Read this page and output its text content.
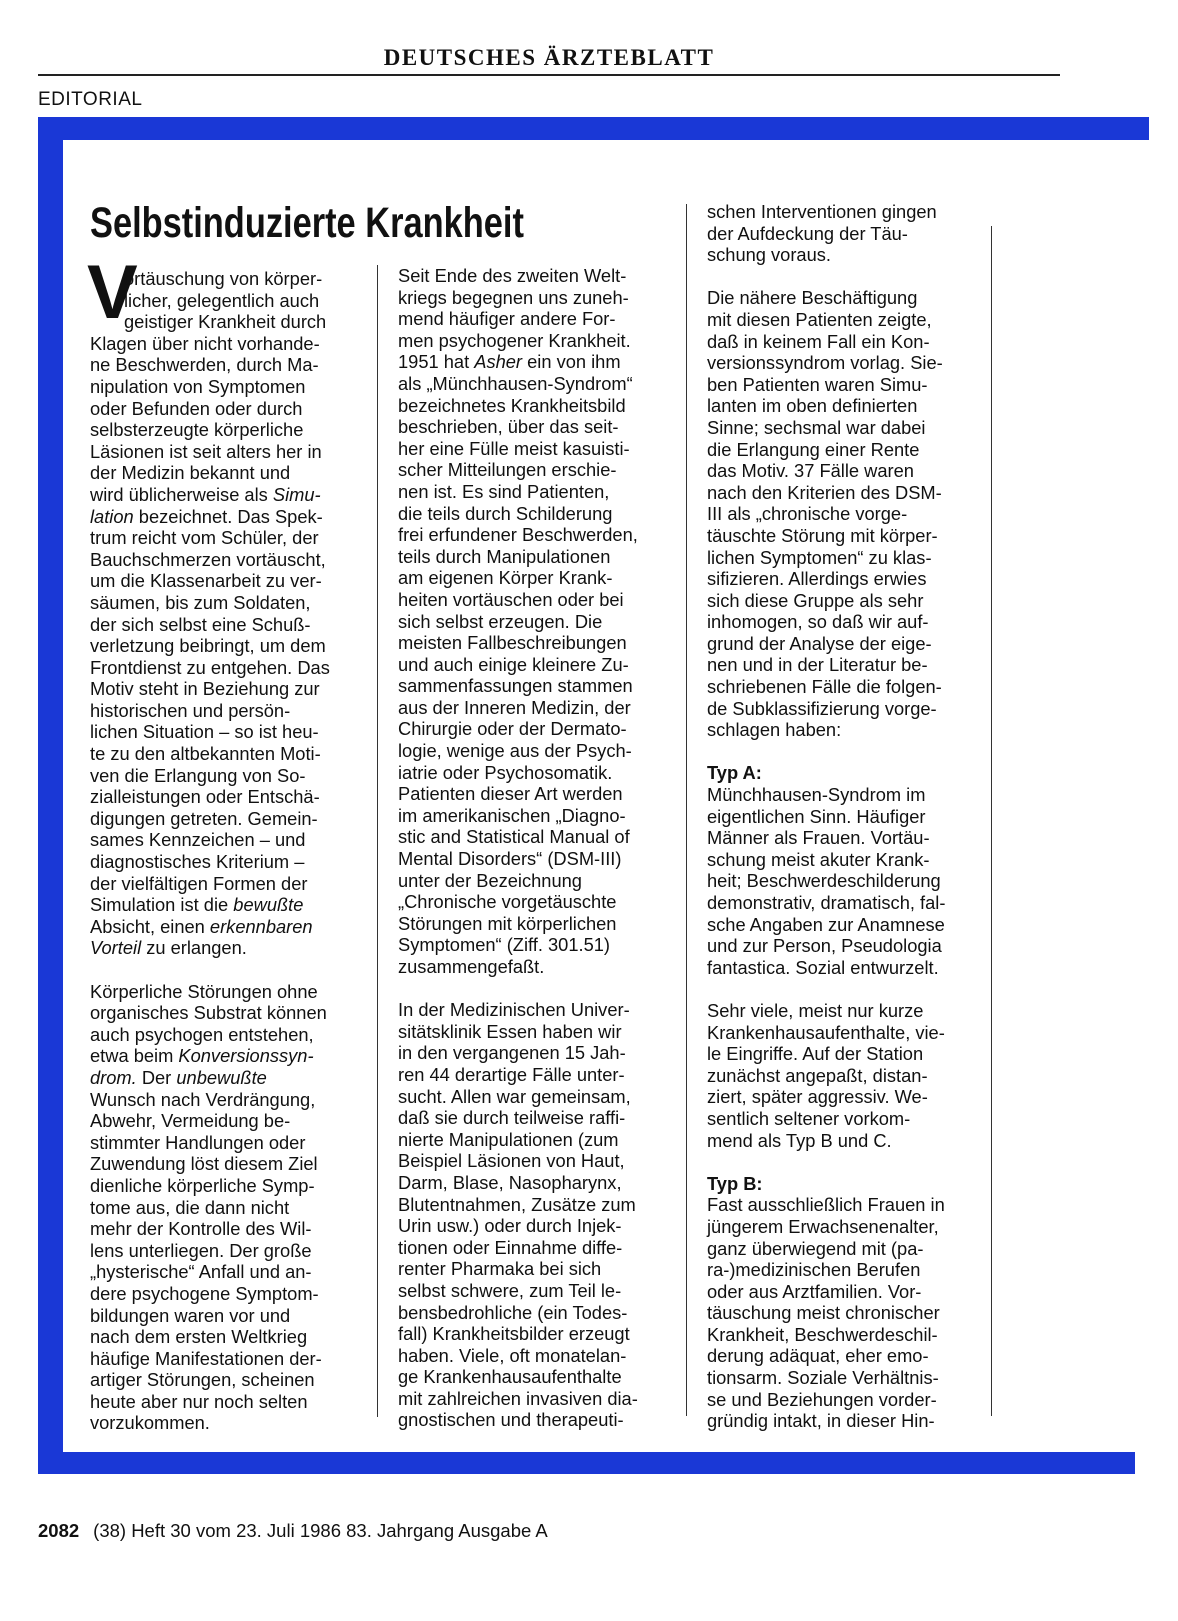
DEUTSCHES ÄRZTEBLATT
EDITORIAL
Selbstinduzierte Krankheit
V
ortäuschung von körper-
licher, gelegentlich auch
geistiger Krankheit durch
Klagen über nicht vorhande-
ne Beschwerden, durch Ma-
nipulation von Symptomen
oder Befunden oder durch
selbsterzeugte körperliche
Läsionen ist seit alters her in
der Medizin bekannt und
wird üblicherweise als Simu-
lation bezeichnet. Das Spek-
trum reicht vom Schüler, der
Bauchschmerzen vortäuscht,
um die Klassenarbeit zu ver-
säumen, bis zum Soldaten,
der sich selbst eine Schuß-
verletzung beibringt, um dem
Frontdienst zu entgehen. Das
Motiv steht in Beziehung zur
historischen und persön-
lichen Situation – so ist heu-
te zu den altbekannten Moti-
ven die Erlangung von So-
zialleistungen oder Entschä-
digungen getreten. Gemein-
sames Kennzeichen – und
diagnostisches Kriterium –
der vielfältigen Formen der
Simulation ist die bewußte
Absicht, einen erkennbaren
Vorteil zu erlangen.
Körperliche Störungen ohne
organisches Substrat können
auch psychogen entstehen,
etwa beim Konversionssyn-
drom. Der unbewußte
Wunsch nach Verdrängung,
Abwehr, Vermeidung be-
stimmter Handlungen oder
Zuwendung löst diesem Ziel
dienliche körperliche Symp-
tome aus, die dann nicht
mehr der Kontrolle des Wil-
lens unterliegen. Der große
„hysterische“ Anfall und an-
dere psychogene Symptom-
bildungen waren vor und
nach dem ersten Weltkrieg
häufige Manifestationen der-
artiger Störungen, scheinen
heute aber nur noch selten
vorzukommen.
Seit Ende des zweiten Welt-
kriegs begegnen uns zuneh-
mend häufiger andere For-
men psychogener Krankheit.
1951 hat Asher ein von ihm
als „Münchhausen-Syndrom“
bezeichnetes Krankheitsbild
beschrieben, über das seit-
her eine Fülle meist kasuisti-
scher Mitteilungen erschie-
nen ist. Es sind Patienten,
die teils durch Schilderung
frei erfundener Beschwerden,
teils durch Manipulationen
am eigenen Körper Krank-
heiten vortäuschen oder bei
sich selbst erzeugen. Die
meisten Fallbeschreibungen
und auch einige kleinere Zu-
sammenfassungen stammen
aus der Inneren Medizin, der
Chirurgie oder der Dermato-
logie, wenige aus der Psych-
iatrie oder Psychosomatik.
Patienten dieser Art werden
im amerikanischen „Diagno-
stic and Statistical Manual of
Mental Disorders“ (DSM-III)
unter der Bezeichnung
„Chronische vorgetäuschte
Störungen mit körperlichen
Symptomen“ (Ziff. 301.51)
zusammengefaßt.
In der Medizinischen Univer-
sitätsklinik Essen haben wir
in den vergangenen 15 Jah-
ren 44 derartige Fälle unter-
sucht. Allen war gemeinsam,
daß sie durch teilweise raffi-
nierte Manipulationen (zum
Beispiel Läsionen von Haut,
Darm, Blase, Nasopharynx,
Blutentnahmen, Zusätze zum
Urin usw.) oder durch Injek-
tionen oder Einnahme diffe-
renter Pharmaka bei sich
selbst schwere, zum Teil le-
bensbedrohliche (ein Todes-
fall) Krankheitsbilder erzeugt
haben. Viele, oft monatelan-
ge Krankenhausaufenthalte
mit zahlreichen invasiven dia-
gnostischen und therapeuti-
schen Interventionen gingen
der Aufdeckung der Täu-
schung voraus.
Die nähere Beschäftigung
mit diesen Patienten zeigte,
daß in keinem Fall ein Kon-
versionssyndrom vorlag. Sie-
ben Patienten waren Simu-
lanten im oben definierten
Sinne; sechsmal war dabei
die Erlangung einer Rente
das Motiv. 37 Fälle waren
nach den Kriterien des DSM-
III als „chronische vorge-
täuschte Störung mit körper-
lichen Symptomen“ zu klas-
sifizieren. Allerdings erwies
sich diese Gruppe als sehr
inhomogen, so daß wir auf-
grund der Analyse der eige-
nen und in der Literatur be-
schriebenen Fälle die folgen-
de Subklassifizierung vorge-
schlagen haben:
Typ A:
Münchhausen-Syndrom im
eigentlichen Sinn. Häufiger
Männer als Frauen. Vortäu-
schung meist akuter Krank-
heit; Beschwerdeschilderung
demonstrativ, dramatisch, fal-
sche Angaben zur Anamnese
und zur Person, Pseudologia
fantastica. Sozial entwurzelt.
Sehr viele, meist nur kurze
Krankenhausaufenthalte, vie-
le Eingriffe. Auf der Station
zunächst angepaßt, distan-
ziert, später aggressiv. We-
sentlich seltener vorkom-
mend als Typ B und C.
Typ B:
Fast ausschließlich Frauen in
jüngerem Erwachsenenalter,
ganz überwiegend mit (pa-
ra-)medizinischen Berufen
oder aus Arztfamilien. Vor-
täuschung meist chronischer
Krankheit, Beschwerdeschil-
derung adäquat, eher emo-
tionsarm. Soziale Verhältnis-
se und Beziehungen vorder-
gründig intakt, in dieser Hin-
2082 (38) Heft 30 vom 23. Juli 1986 83. Jahrgang Ausgabe A
